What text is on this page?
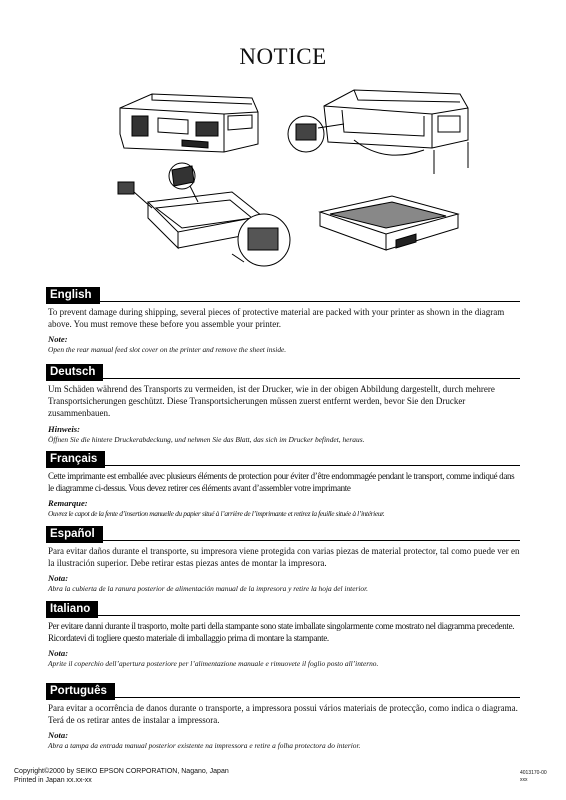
NOTICE
English
To prevent damage during shipping, several pieces of protective material are packed with your printer as shown in the diagram above. You must remove these before you assemble your printer.
Note:
Open the rear manual feed slot cover on the printer and remove the sheet inside.
Deutsch
Um Schäden während des Transports zu vermeiden, ist der Drucker, wie in der obigen Abbildung dargestellt, durch mehrere Transportsicherungen geschützt. Diese Transportsicherungen müssen zuerst entfernt werden, bevor Sie den Drucker zusammenbauen.
Hinweis:
Öffnen Sie die hintere Druckerabdeckung, und nehmen Sie das Blatt, das sich im Drucker befindet, heraus.
Français
Cette imprimante est emballée avec plusieurs éléments de protection pour éviter d’être endommagée pendant le transport, comme indiqué dans le diagramme ci-dessus. Vous devez retirer ces éléments avant d’assembler votre imprimante
Remarque:
Ouvrez le capot de la fente d’insertion manuelle du papier situé à l’arrière de l’imprimante et retirez la feuille située à l’intérieur.
Español
Para evitar daños durante el transporte, su impresora viene protegida con varias piezas de material protector, tal como puede ver en la ilustración superior. Debe retirar estas piezas antes de montar la impresora.
Nota:
Abra la cubierta de la ranura posterior de alimentación manual de la impresora y retire la hoja del interior.
Italiano
Per evitare danni durante il trasporto, molte parti della stampante sono state imballate singolarmente come mostrato nel diagramma precedente. Ricordatevi di togliere questo materiale di imballaggio prima di montare la stampante.
Nota:
Aprite il coperchio dell’apertura posteriore per l’alimentazione manuale e rimuovete il foglio posto all’interno.
Português
Para evitar a ocorrência de danos durante o transporte, a impressora possui vários materiais de protecção, como indica o diagrama. Terá de os retirar antes de instalar a impressora.
Nota:
Abra a tampa da entrada manual posterior existente na impressora e retire a folha protectora do interior.
Copyright©2000 by SEIKO EPSON CORPORATION, Nagano, Japan
Printed in Japan xx.xx-xx
4013170-00
xxx
